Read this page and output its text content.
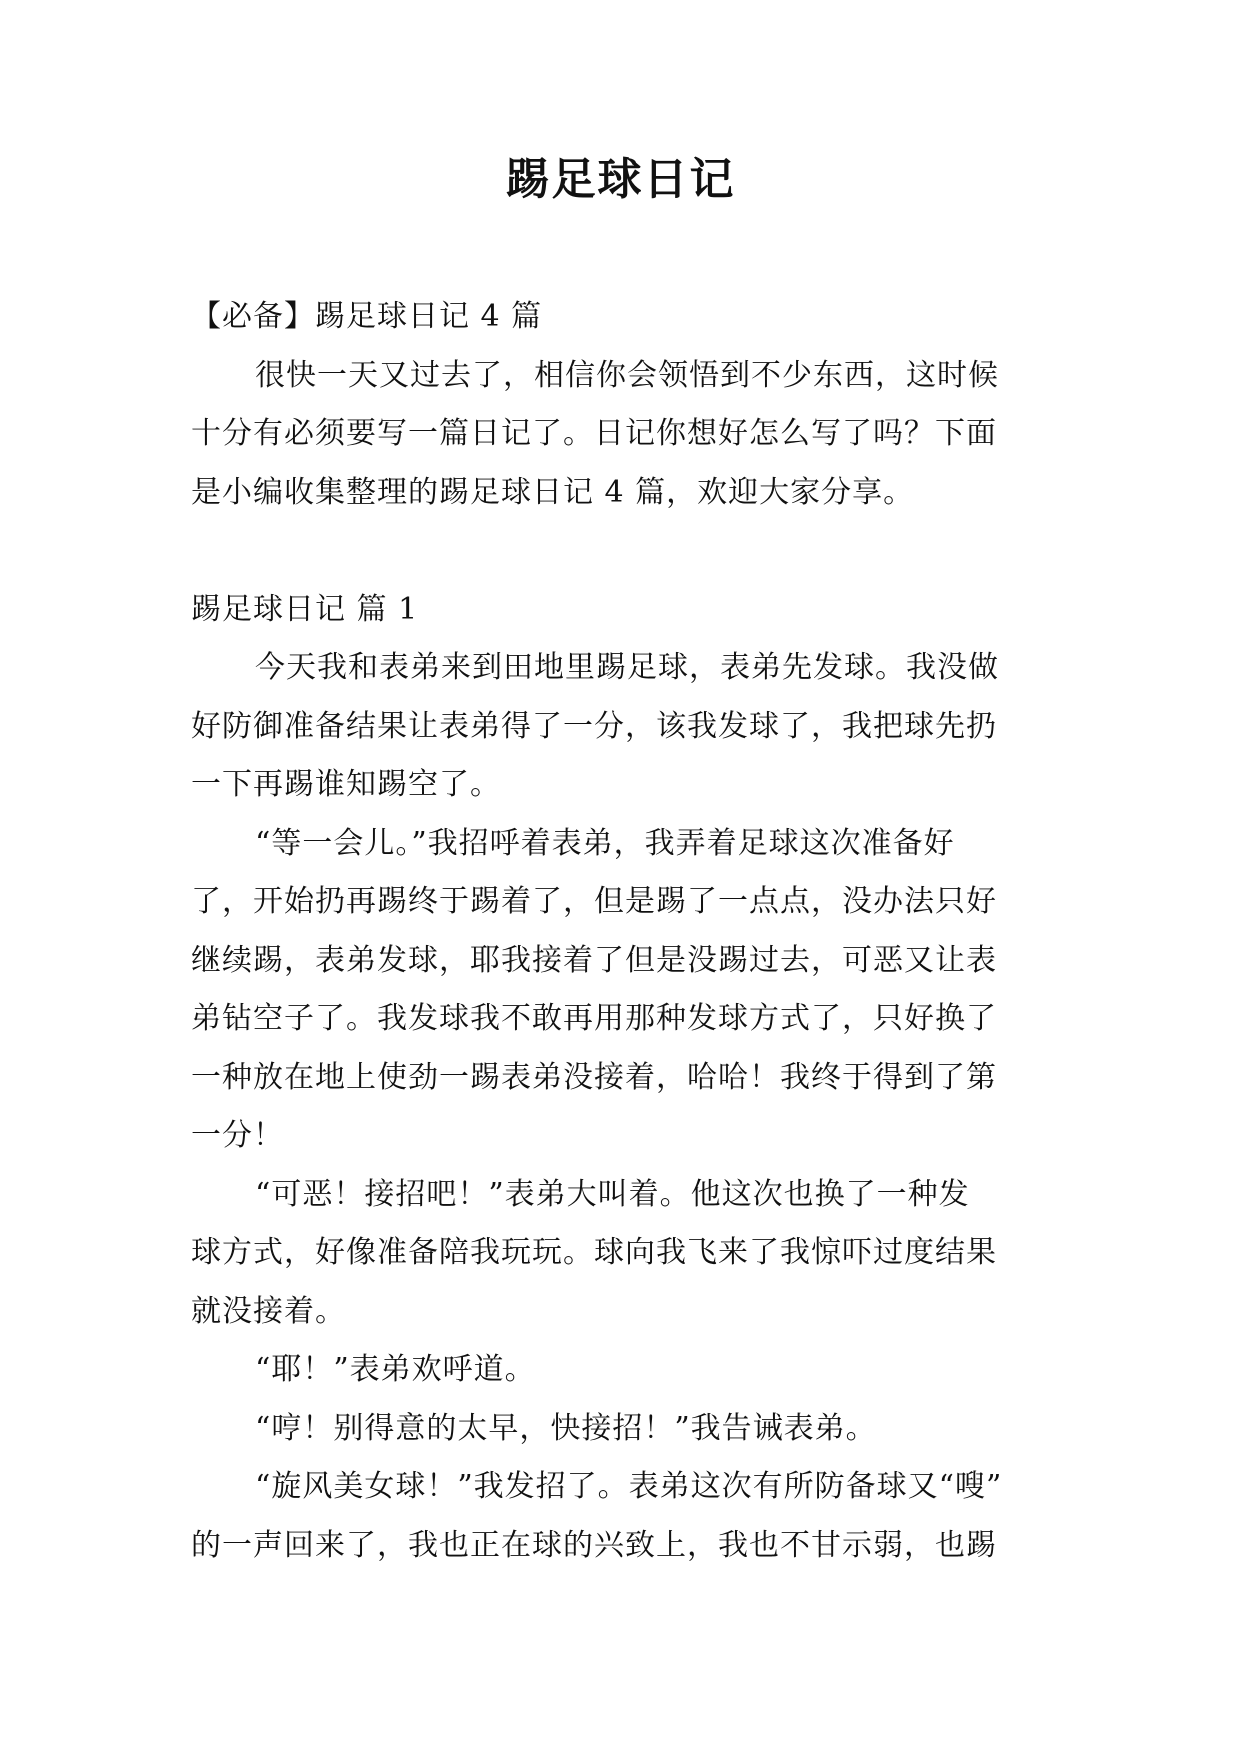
踢足球日记

【必备】踢足球日记 4 篇

很快一天又过去了，相信你会领悟到不少东西，这时候

十分有必须要写一篇日记了。日记你想好怎么写了吗？下面

是小编收集整理的踢足球日记 4 篇，欢迎大家分享。

踢足球日记 篇 1

今天我和表弟来到田地里踢足球，表弟先发球。我没做

好防御准备结果让表弟得了一分，该我发球了，我把球先扔

一下再踢谁知踢空了。

“等一会儿。”我招呼着表弟，我弄着足球这次准备好

了，开始扔再踢终于踢着了，但是踢了一点点，没办法只好

继续踢，表弟发球，耶我接着了但是没踢过去，可恶又让表

弟钻空子了。我发球我不敢再用那种发球方式了，只好换了

一种放在地上使劲一踢表弟没接着，哈哈！我终于得到了第

一分！

“可恶！接招吧！”表弟大叫着。他这次也换了一种发

球方式，好像准备陪我玩玩。球向我飞来了我惊吓过度结果

就没接着。

“耶！”表弟欢呼道。

“哼！别得意的太早，快接招！”我告诫表弟。

“旋风美女球！”我发招了。表弟这次有所防备球又“嗖”

的一声回来了，我也正在球的兴致上，我也不甘示弱，也踢
